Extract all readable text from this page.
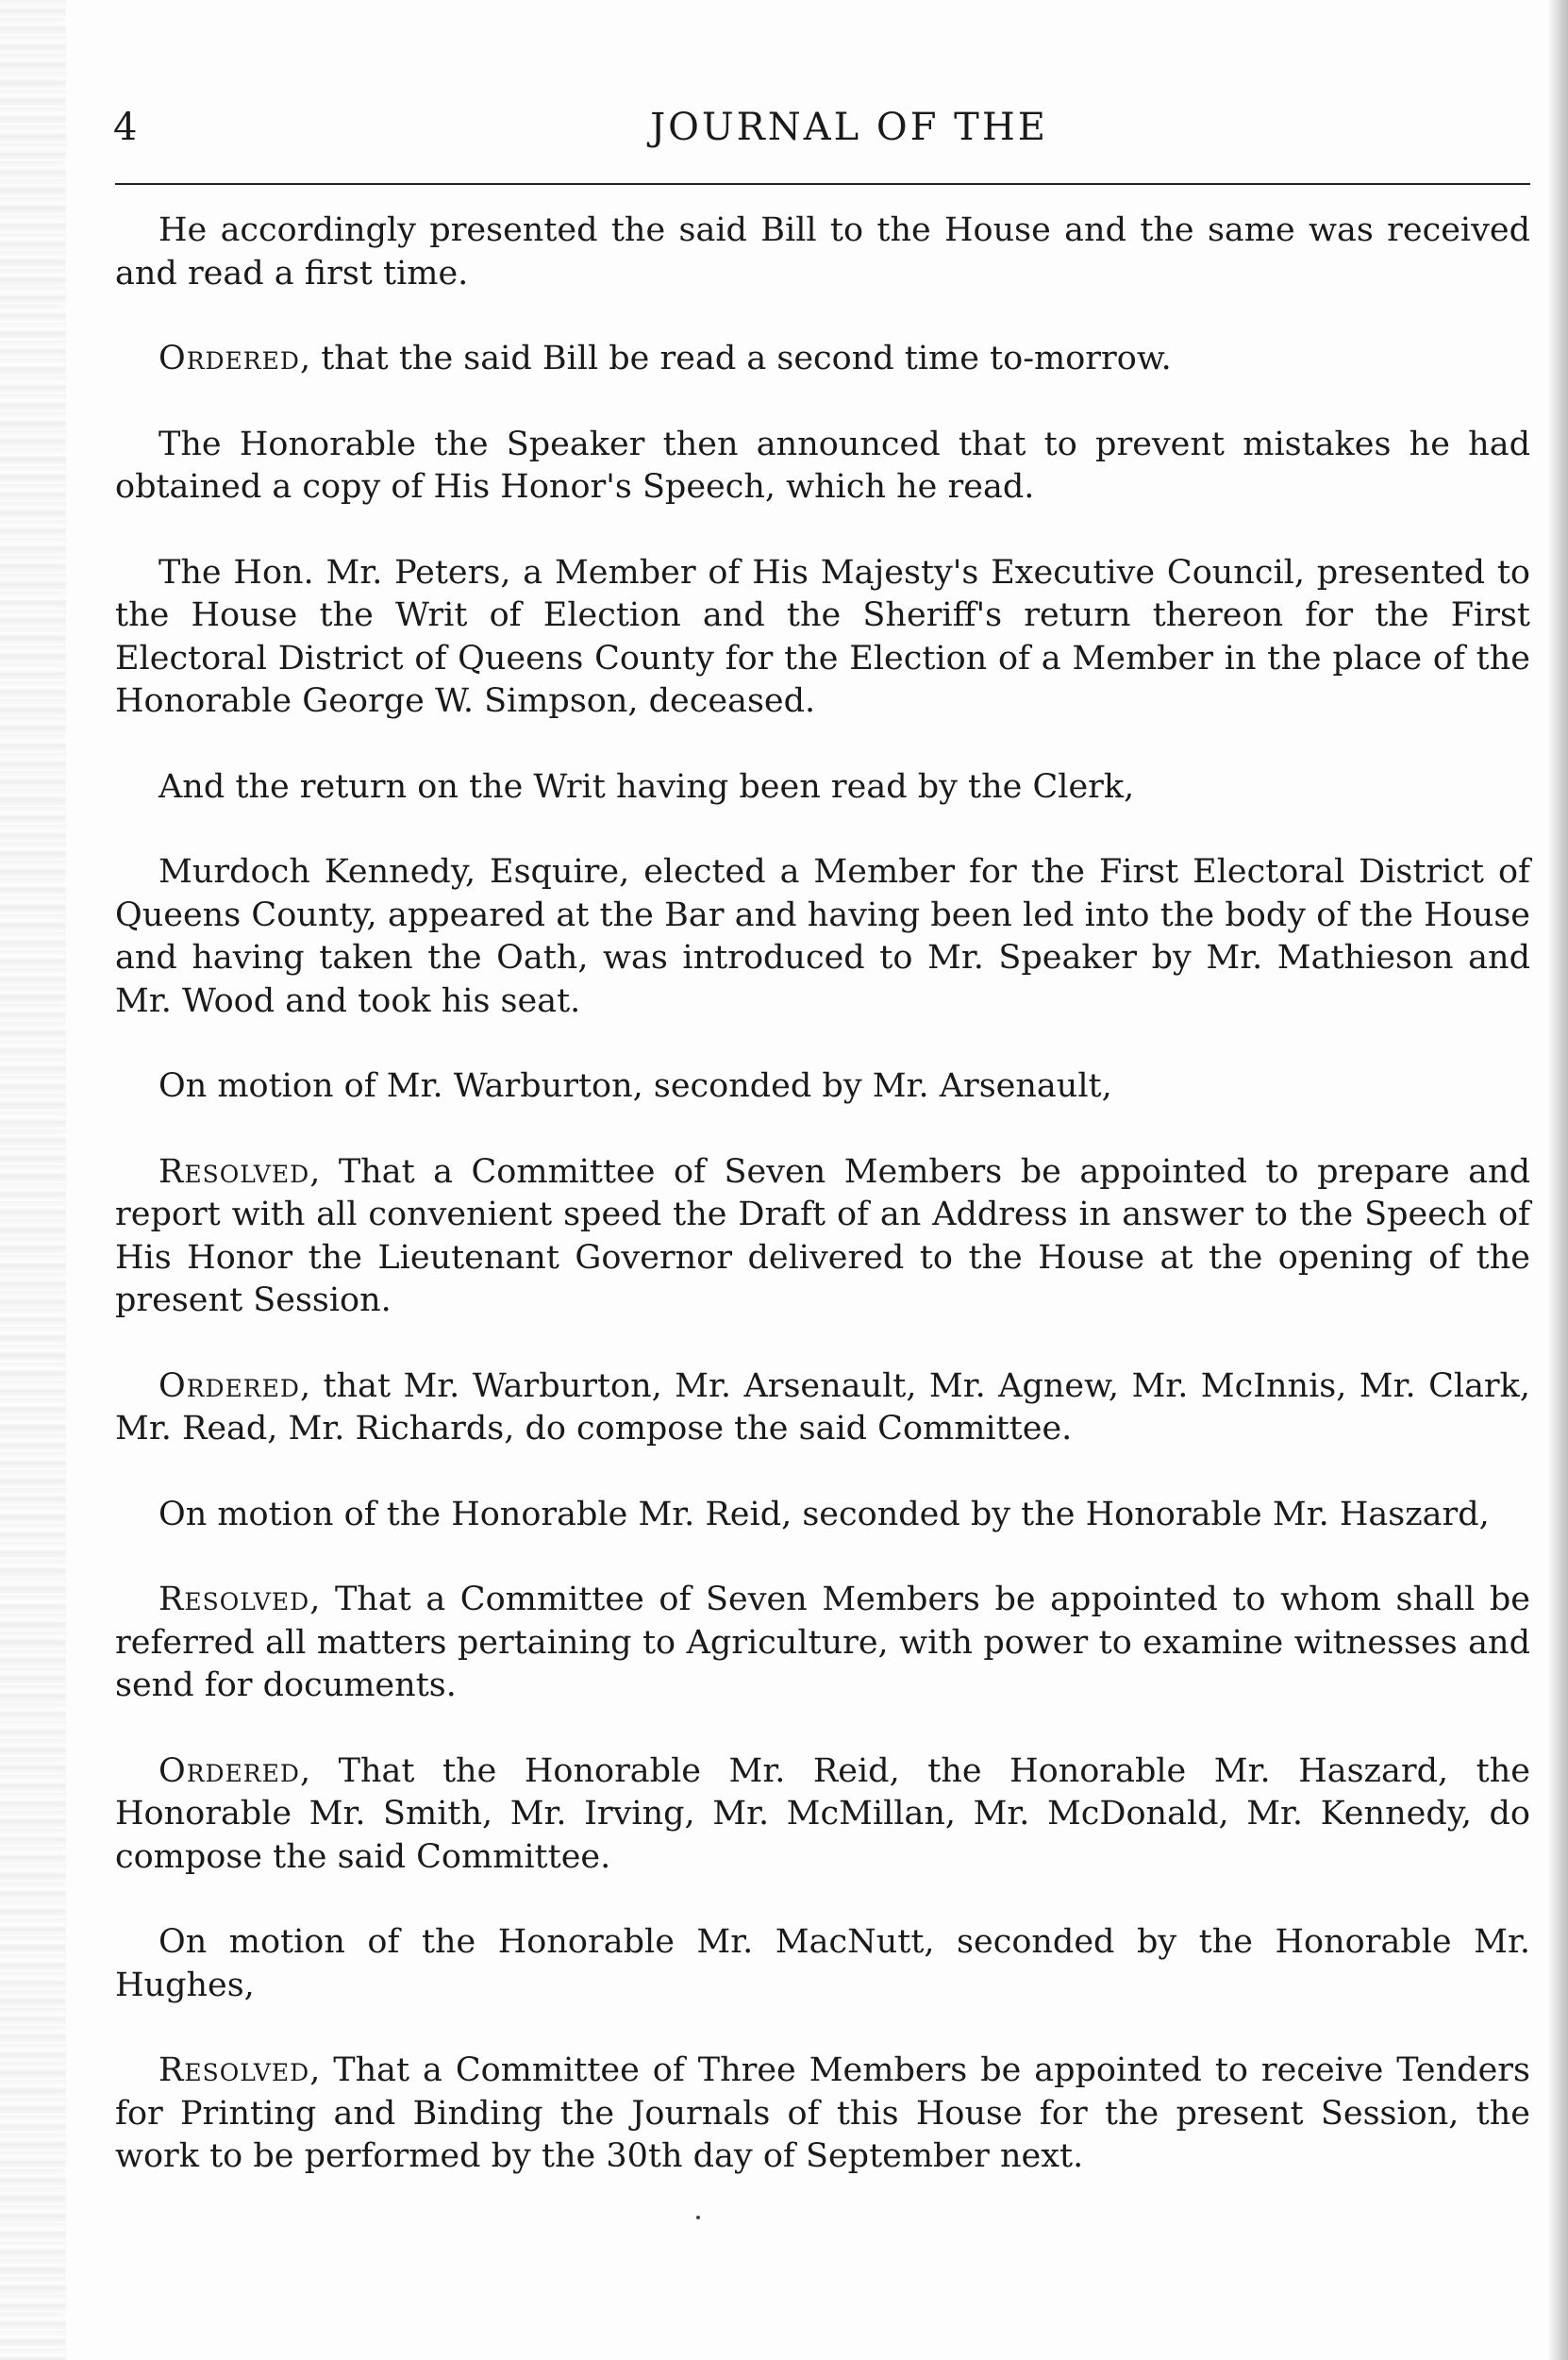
4	JOURNAL OF THE

He accordingly presented the said Bill to the House and the same was received and read a first time.

Ordered, that the said Bill be read a second time to-morrow.

The Honorable the Speaker then announced that to prevent mistakes he had obtained a copy of His Honor's Speech, which he read.

The Hon. Mr. Peters, a Member of His Majesty's Executive Council, presented to the House the Writ of Election and the Sheriff's return thereon for the First Electoral District of Queens County for the Election of a Member in the place of the Honorable George W. Simpson, deceased.

And the return on the Writ having been read by the Clerk,

Murdoch Kennedy, Esquire, elected a Member for the First Electoral District of Queens County, appeared at the Bar and having been led into the body of the House and having taken the Oath, was introduced to Mr. Speaker by Mr. Mathieson and Mr. Wood and took his seat.

On motion of Mr. Warburton, seconded by Mr. Arsenault,

Resolved, That a Committee of Seven Members be appointed to prepare and report with all convenient speed the Draft of an Address in answer to the Speech of His Honor the Lieutenant Governor delivered to the House at the opening of the present Session.

Ordered, that Mr. Warburton, Mr. Arsenault, Mr. Agnew, Mr. McInnis, Mr. Clark, Mr. Read, Mr. Richards, do compose the said Committee.

On motion of the Honorable Mr. Reid, seconded by the Honorable Mr. Haszard,

Resolved, That a Committee of Seven Members be appointed to whom shall be referred all matters pertaining to Agriculture, with power to examine witnesses and send for documents.

Ordered, That the Honorable Mr. Reid, the Honorable Mr. Haszard, the Honorable Mr. Smith, Mr. Irving, Mr. McMillan, Mr. McDonald, Mr. Kennedy, do compose the said Committee.

On motion of the Honorable Mr. MacNutt, seconded by the Honorable Mr. Hughes,

Resolved, That a Committee of Three Members be appointed to receive Tenders for Printing and Binding the Journals of this House for the present Session, the work to be performed by the 30th day of September next.
